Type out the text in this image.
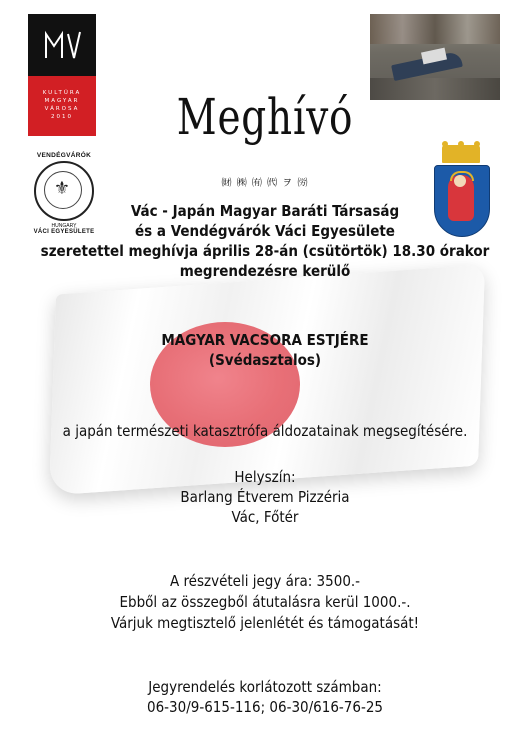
KULTÚRA
MAGYAR
VÁROSA
2010	Meghívó
㈶ ㈱ ㈲ ㈹ ヲ ㈸
VENDÉGVÁRÓK
⚜
HUNGARY
VÁCI EGYESÜLETE
Vác - Japán Magyar Baráti Társaság
és a Vendégvárók Váci Egyesülete
szeretettel meghívja április 28-án (csütörtök) 18.30 órakor
megrendezésre kerülő
MAGYAR VACSORA ESTJÉRE
(Svédasztalos)
a japán természeti katasztrófa áldozatainak megsegítésére.
Helyszín:
Barlang Étverem Pizzéria
Vác, Főtér
A részvételi jegy ára: 3500.-
Ebből az összegből átutalásra kerül 1000.-.
Várjuk megtisztelő jelenlétét és támogatását!
Jegyrendelés korlátozott számban:
06-30/9-615-116; 06-30/616-76-25
